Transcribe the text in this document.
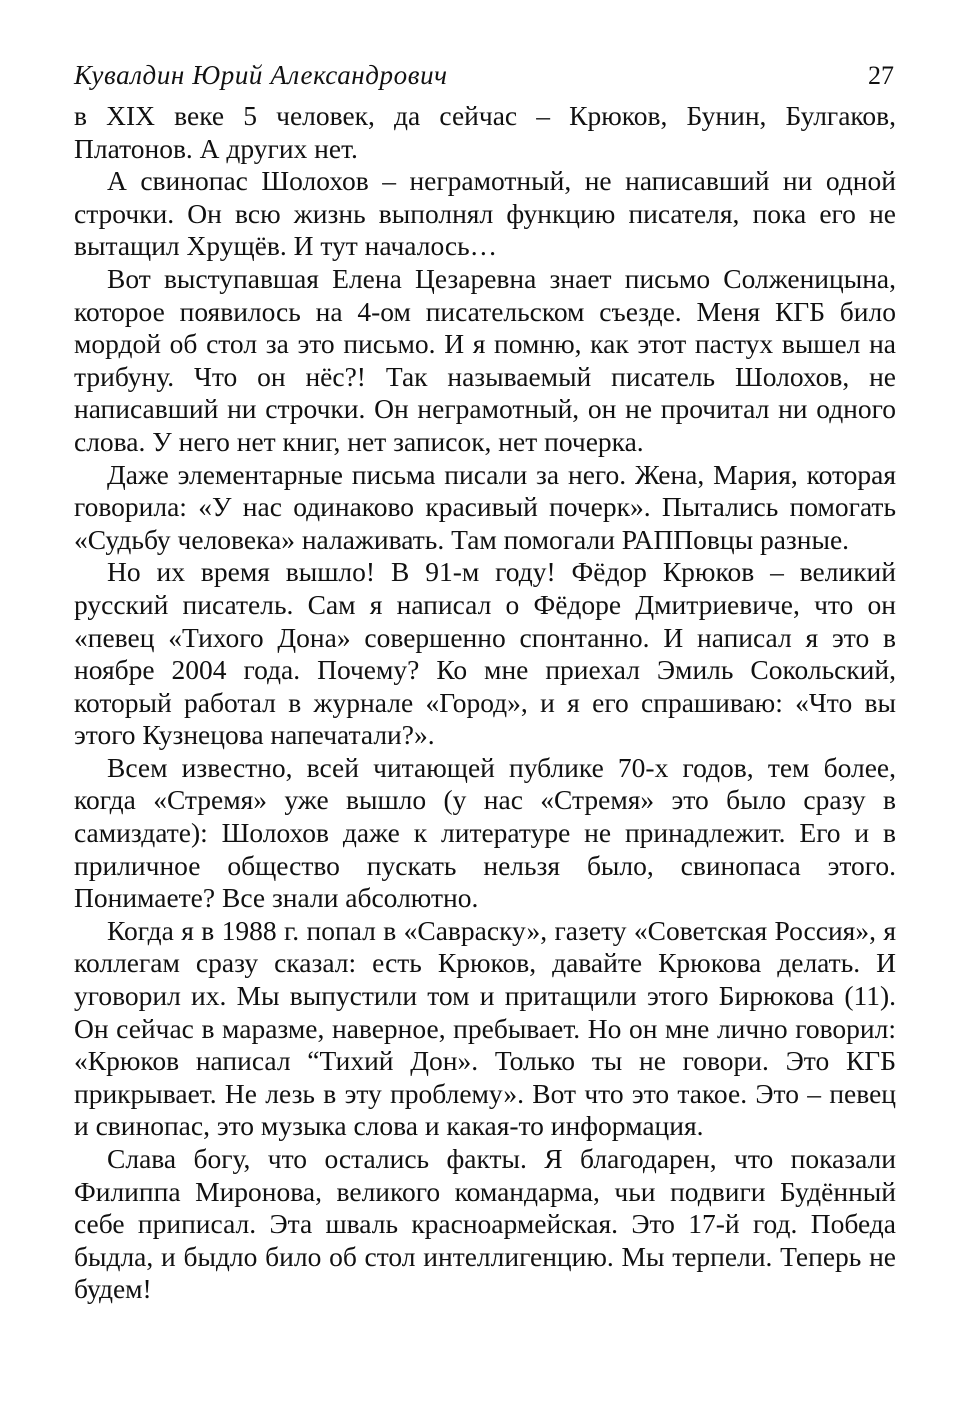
Кувалдин Юрий Александрович	27

в XIX веке 5 человек, да сейчас – Крюков, Бунин, Булгаков, Платонов. А других нет.

А свинопас Шолохов – неграмотный, не написавший ни одной строчки. Он всю жизнь выполнял функцию писателя, пока его не вытащил Хрущёв. И тут началось…

Вот выступавшая Елена Цезаревна знает письмо Солженицына, которое появилось на 4-ом писательском съезде. Меня КГБ било мордой об стол за это письмо. И я помню, как этот пастух вышел на трибуну. Что он нёс?! Так называемый писатель Шолохов, не написавший ни строчки. Он неграмотный, он не прочитал ни одного слова. У него нет книг, нет записок, нет почерка.

Даже элементарные письма писали за него. Жена, Мария, которая говорила: «У нас одинаково красивый почерк». Пытались помогать «Судьбу человека» налаживать. Там помогали РАППовцы разные.

Но их время вышло! В 91-м году! Фёдор Крюков – великий русский писатель. Сам я написал о Фёдоре Дмитриевиче, что он «певец «Тихого Дона» совершенно спонтанно. И написал я это в ноябре 2004 года. Почему? Ко мне приехал Эмиль Сокольский, который работал в журнале «Город», и я его спрашиваю: «Что вы этого Кузнецова напечатали?».

Всем известно, всей читающей публике 70-х годов, тем более, когда «Стремя» уже вышло (у нас «Стремя» это было сразу в самиздате): Шолохов даже к литературе не принадлежит. Его и в приличное общество пускать нельзя было, свинопаса этого. Понимаете? Все знали абсолютно.

Когда я в 1988 г. попал в «Савраску», газету «Советская Россия», я коллегам сразу сказал: есть Крюков, давайте Крюкова делать. И уговорил их. Мы выпустили том и притащили этого Бирюкова (11). Он сейчас в маразме, наверное, пребывает. Но он мне лично говорил: «Крюков написал “Тихий Дон». Только ты не говори. Это КГБ прикрывает. Не лезь в эту проблему». Вот что это такое. Это – певец и свинопас, это музыка слова и какая-то информация.

Слава богу, что остались факты. Я благодарен, что показали Филиппа Миронова, великого командарма, чьи подвиги Будённый себе приписал. Эта шваль красноармейская. Это 17-й год. Победа быдла, и быдло било об стол интеллигенцию. Мы терпели. Теперь не будем!
